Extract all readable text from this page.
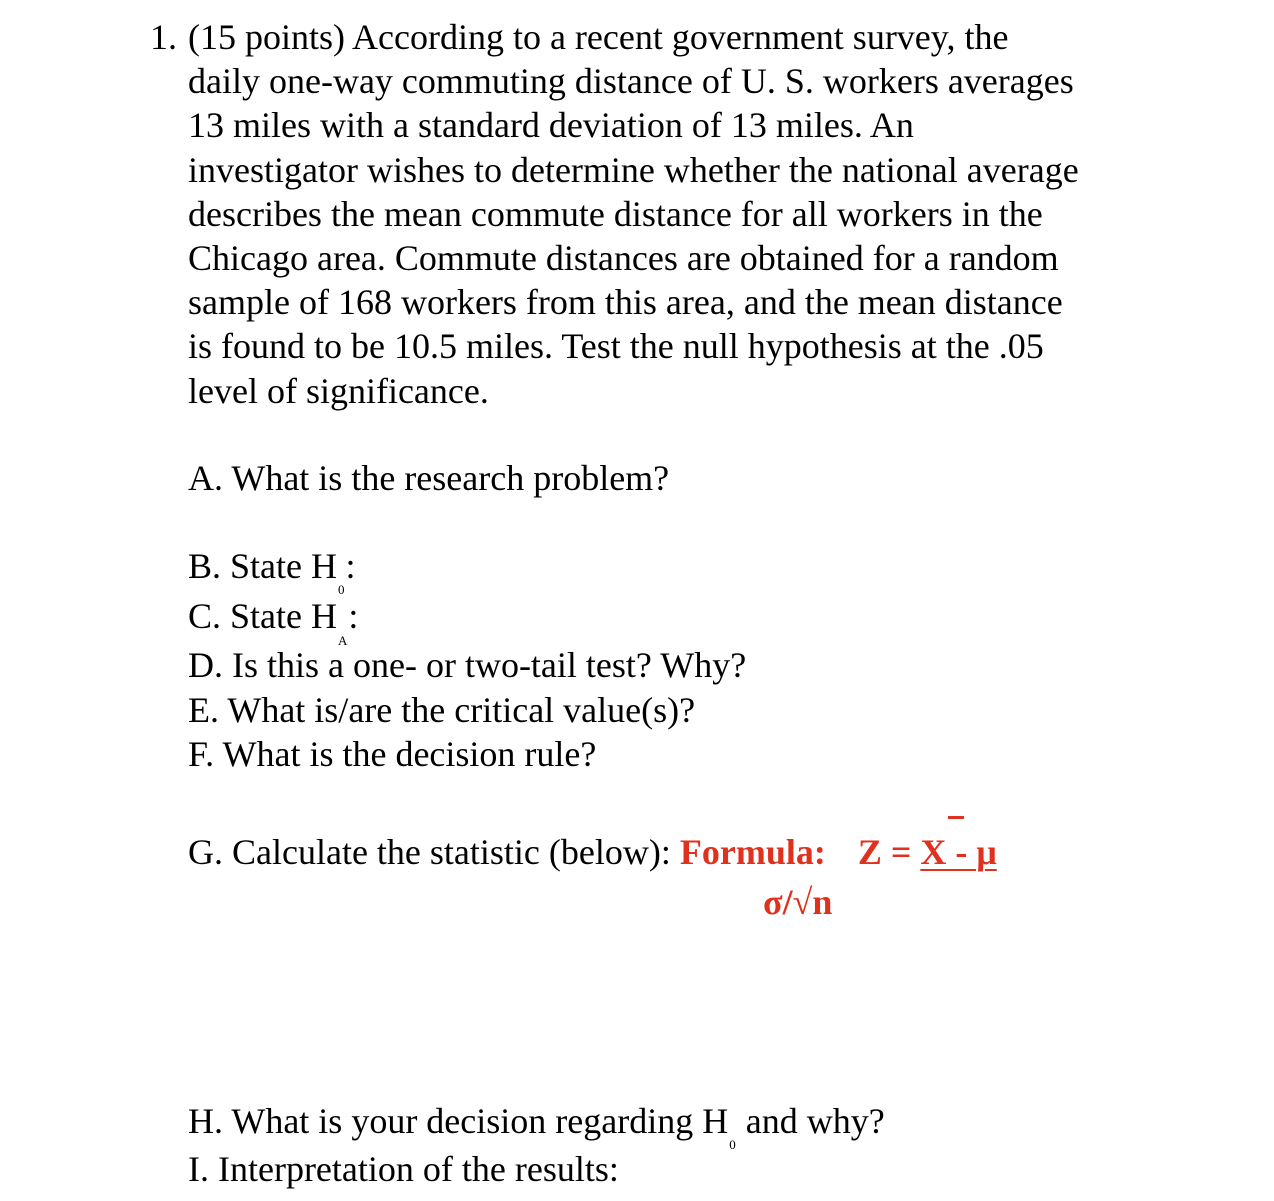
1. (15 points) According to a recent government survey, the
daily one-way commuting distance of U. S. workers averages
13 miles with a standard deviation of 13 miles. An
investigator wishes to determine whether the national average
describes the mean commute distance for all workers in the
Chicago area. Commute distances are obtained for a random
sample of 168 workers from this area, and the mean distance
is found to be 10.5 miles. Test the null hypothesis at the .05
level of significance.
A. What is the research problem?
B. State $H_0$:
C. State $H_A$:
D. Is this a one- or two-tail test? Why?
E. What is/are the critical value(s)?
F. What is the decision rule?
G. Calculate the statistic (below): Formula: Z = X - μ
σ/√n
H. What is your decision regarding $H_0$ and why?
I. Interpretation of the results:
